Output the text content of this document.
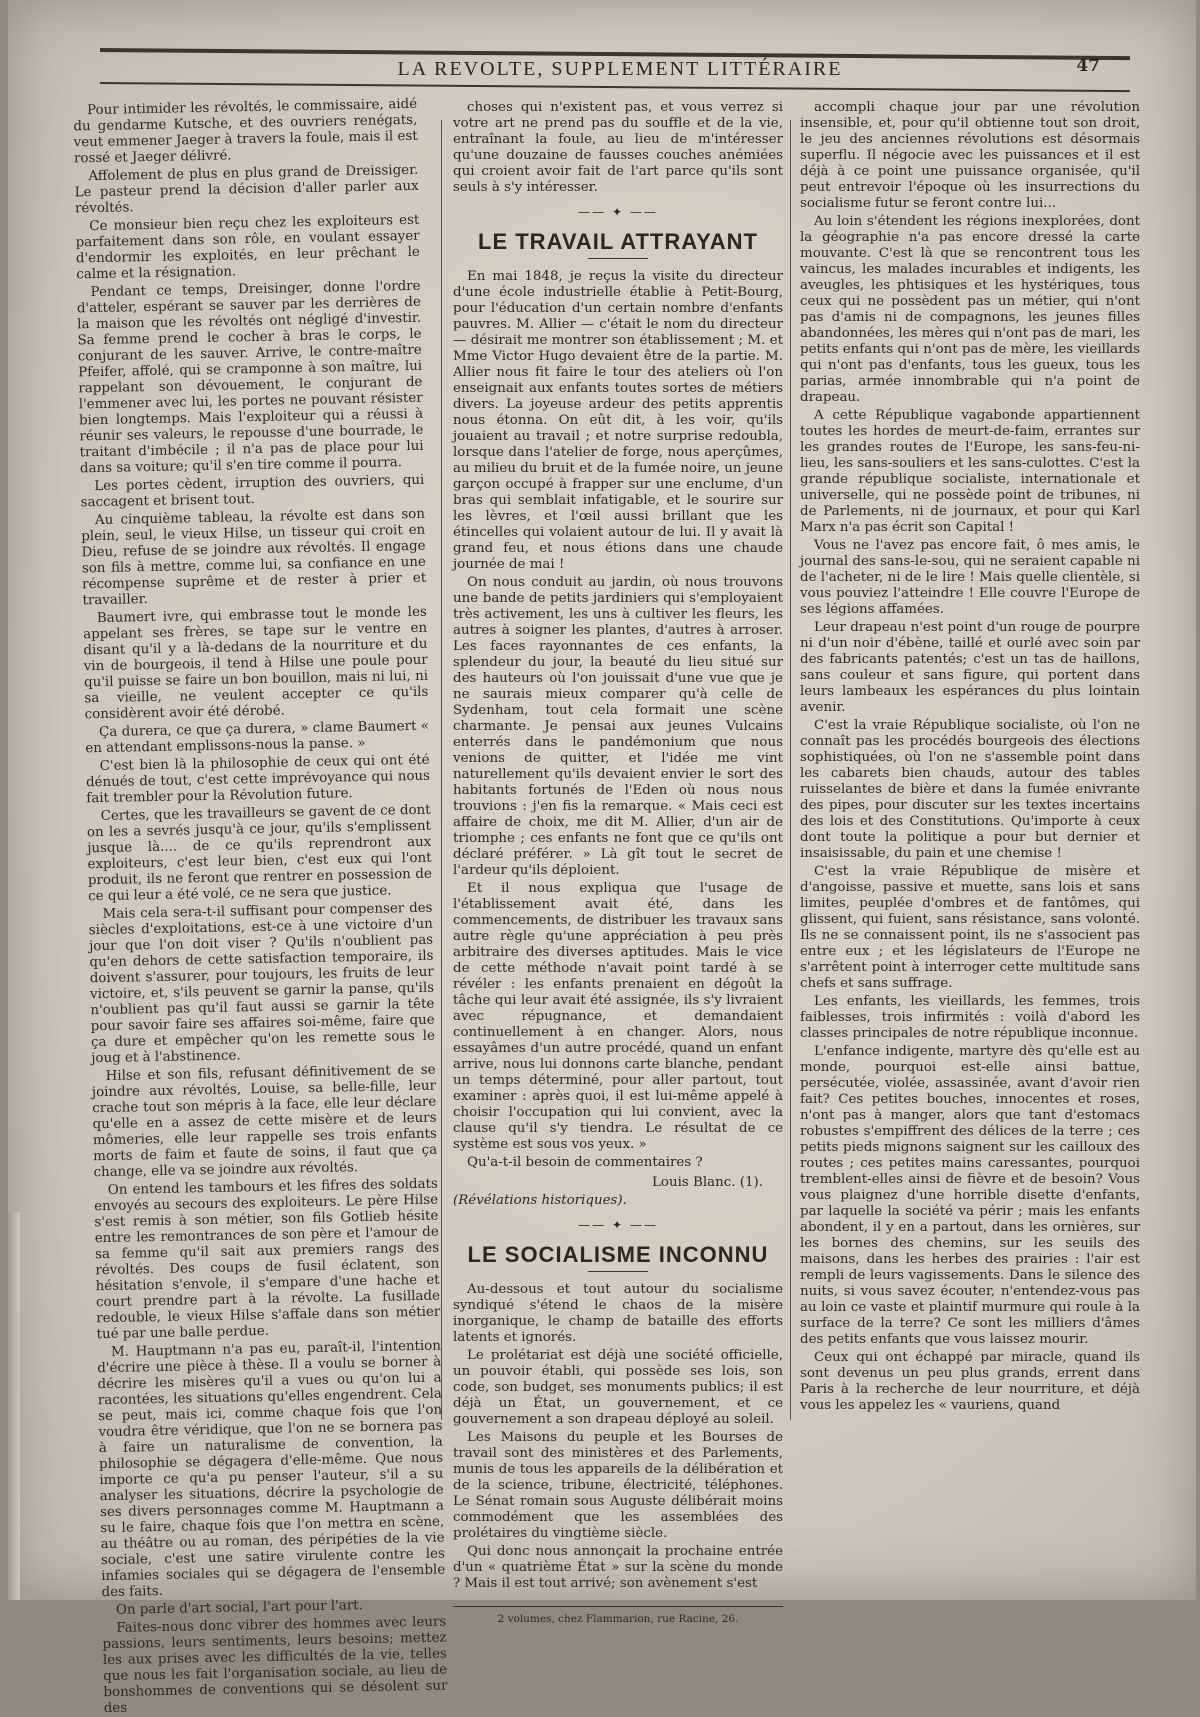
LA REVOLTE, SUPPLEMENT LITTÉRAIRE	47

Pour intimider les révoltés, le commissaire, aidé du gendarme Kutsche, et des ouvriers renégats, veut emmener Jaeger à travers la foule, mais il est rossé et Jaeger délivré.

Affolement de plus en plus grand de Dreissiger. Le pasteur prend la décision d'aller parler aux révoltés.

Ce monsieur bien reçu chez les exploiteurs est parfaitement dans son rôle, en voulant essayer d'endormir les exploités, en leur prêchant le calme et la résignation.

Pendant ce temps, Dreisinger, donne l'ordre d'atteler, espérant se sauver par les derrières de la maison que les révoltés ont négligé d'investir. Sa femme prend le cocher à bras le corps, le conjurant de les sauver. Arrive, le contre-maître Pfeifer, affolé, qui se cramponne à son maître, lui rappelant son dévouement, le conjurant de l'emmener avec lui, les portes ne pouvant résister bien longtemps. Mais l'exploiteur qui a réussi à réunir ses valeurs, le repousse d'une bourrade, le traitant d'imbécile ; il n'a pas de place pour lui dans sa voiture; qu'il s'en tire comme il pourra.

Les portes cèdent, irruption des ouvriers, qui saccagent et brisent tout.

Au cinquième tableau, la révolte est dans son plein, seul, le vieux Hilse, un tisseur qui croit en Dieu, refuse de se joindre aux révoltés. Il engage son fils à mettre, comme lui, sa confiance en une récompense suprême et de rester à prier et travailler.

Baumert ivre, qui embrasse tout le monde les appelant ses frères, se tape sur le ventre en disant qu'il y a là-dedans de la nourriture et du vin de bourgeois, il tend à Hilse une poule pour qu'il puisse se faire un bon bouillon, mais ni lui, ni sa vieille, ne veulent accepter ce qu'ils considèrent avoir été dérobé.

Ça durera, ce que ça durera, » clame Baumert « en attendant emplissons-nous la panse. »

C'est bien là la philosophie de ceux qui ont été dénués de tout, c'est cette imprévoyance qui nous fait trembler pour la Révolution future.

Certes, que les travailleurs se gavent de ce dont on les a sevrés jusqu'à ce jour, qu'ils s'emplissent jusque là.... de ce qu'ils reprendront aux exploiteurs, c'est leur bien, c'est eux qui l'ont produit, ils ne feront que rentrer en possession de ce qui leur a été volé, ce ne sera que justice.

Mais cela sera-t-il suffisant pour compenser des siècles d'exploitations, est-ce à une victoire d'un jour que l'on doit viser ? Qu'ils n'oublient pas qu'en dehors de cette satisfaction temporaire, ils doivent s'assurer, pour toujours, les fruits de leur victoire, et, s'ils peuvent se garnir la panse, qu'ils n'oublient pas qu'il faut aussi se garnir la tête pour savoir faire ses affaires soi-même, faire que ça dure et empêcher qu'on les remette sous le joug et à l'abstinence.

Hilse et son fils, refusant définitivement de se joindre aux révoltés, Louise, sa belle-fille, leur crache tout son mépris à la face, elle leur déclare qu'elle en a assez de cette misère et de leurs mômeries, elle leur rappelle ses trois enfants morts de faim et faute de soins, il faut que ça change, elle va se joindre aux révoltés.

On entend les tambours et les fifres des soldats envoyés au secours des exploiteurs. Le père Hilse s'est remis à son métier, son fils Gotlieb hésite entre les remontrances de son père et l'amour de sa femme qu'il sait aux premiers rangs des révoltés. Des coups de fusil éclatent, son hésitation s'envole, il s'empare d'une hache et court prendre part à la révolte. La fusillade redouble, le vieux Hilse s'affale dans son métier tué par une balle perdue.

M. Hauptmann n'a pas eu, paraît-il, l'intention d'écrire une pièce à thèse. Il a voulu se borner à décrire les misères qu'il a vues ou qu'on lui a racontées, les situations qu'elles engendrent. Cela se peut, mais ici, comme chaque fois que l'on voudra être véridique, que l'on ne se bornera pas à faire un naturalisme de convention, la philosophie se dégagera d'elle-même. Que nous importe ce qu'a pu penser l'auteur, s'il a su analyser les situations, décrire la psychologie de ses divers personnages comme M. Hauptmann a su le faire, chaque fois que l'on mettra en scène, au théâtre ou au roman, des péripéties de la vie sociale, c'est une satire virulente contre les infamies sociales qui se dégagera de l'ensemble des faits.

On parle d'art social, l'art pour l'art.

Faites-nous donc vibrer des hommes avec leurs passions, leurs sentiments, leurs besoins; mettez les aux prises avec les difficultés de la vie, telles que nous les fait l'organisation sociale, au lieu de bonshommes de conventions qui se désolent sur des

choses qui n'existent pas, et vous verrez si votre art ne prend pas du souffle et de la vie, entraînant la foule, au lieu de m'intéresser qu'une douzaine de fausses couches anémiées qui croient avoir fait de l'art parce qu'ils sont seuls à s'y intéresser.

—— ✦ ——
LE TRAVAIL ATTRAYANT

En mai 1848, je reçus la visite du directeur d'une école industrielle établie à Petit-Bourg, pour l'éducation d'un certain nombre d'enfants pauvres. M. Allier — c'était le nom du directeur — désirait me montrer son établissement ; M. et Mme Victor Hugo devaient être de la partie. M. Allier nous fit faire le tour des ateliers où l'on enseignait aux enfants toutes sortes de métiers divers. La joyeuse ardeur des petits apprentis nous étonna. On eût dit, à les voir, qu'ils jouaient au travail ; et notre surprise redoubla, lorsque dans l'atelier de forge, nous aperçûmes, au milieu du bruit et de la fumée noire, un jeune garçon occupé à frapper sur une enclume, d'un bras qui semblait infatigable, et le sourire sur les lèvres, et l'œil aussi brillant que les étincelles qui volaient autour de lui. Il y avait là grand feu, et nous étions dans une chaude journée de mai !

On nous conduit au jardin, où nous trouvons une bande de petits jardiniers qui s'employaient très activement, les uns à cultiver les fleurs, les autres à soigner les plantes, d'autres à arroser. Les faces rayonnantes de ces enfants, la splendeur du jour, la beauté du lieu situé sur des hauteurs où l'on jouissait d'une vue que je ne saurais mieux comparer qu'à celle de Sydenham, tout cela formait une scène charmante. Je pensai aux jeunes Vulcains enterrés dans le pandémonium que nous venions de quitter, et l'idée me vint naturellement qu'ils devaient envier le sort des habitants fortunés de l'Eden où nous nous trouvions : j'en fis la remarque. « Mais ceci est affaire de choix, me dit M. Allier, d'un air de triomphe ; ces enfants ne font que ce qu'ils ont déclaré préférer. » Là gît tout le secret de l'ardeur qu'ils déploient.

Et il nous expliqua que l'usage de l'établissement avait été, dans les commencements, de distribuer les travaux sans autre règle qu'une appréciation à peu près arbitraire des diverses aptitudes. Mais le vice de cette méthode n'avait point tardé à se révéler : les enfants prenaient en dégoût la tâche qui leur avait été assignée, ils s'y livraient avec répugnance, et demandaient continuellement à en changer. Alors, nous essayâmes d'un autre procédé, quand un enfant arrive, nous lui donnons carte blanche, pendant un temps déterminé, pour aller partout, tout examiner : après quoi, il est lui-même appelé à choisir l'occupation qui lui convient, avec la clause qu'il s'y tiendra. Le résultat de ce système est sous vos yeux. »

Qu'a-t-il besoin de commentaires ?

Louis Blanc. (1).

(Révélations historiques).

—— ✦ ——
LE SOCIALISME INCONNU

Au-dessous et tout autour du socialisme syndiqué s'étend le chaos de la misère inorganique, le champ de bataille des efforts latents et ignorés.

Le prolétariat est déjà une société officielle, un pouvoir établi, qui possède ses lois, son code, son budget, ses monuments publics; il est déjà un État, un gouvernement, et ce gouvernement a son drapeau déployé au soleil.

Les Maisons du peuple et les Bourses de travail sont des ministères et des Parlements, munis de tous les appareils de la délibération et de la science, tribune, électricité, téléphones. Le Sénat romain sous Auguste délibérait moins commodément que les assemblées des prolétaires du vingtième siècle.

Qui donc nous annonçait la prochaine entrée d'un « quatrième État » sur la scène du monde ? Mais il est tout arrivé; son avènement s'est

2 volumes, chez Flammarion, rue Racine, 26.

accompli chaque jour par une révolution insensible, et, pour qu'il obtienne tout son droit, le jeu des anciennes révolutions est désormais superflu. Il négocie avec les puissances et il est déjà à ce point une puissance organisée, qu'il peut entrevoir l'époque où les insurrections du socialisme futur se feront contre lui...

Au loin s'étendent les régions inexplorées, dont la géographie n'a pas encore dressé la carte mouvante. C'est là que se rencontrent tous les vaincus, les malades incurables et indigents, les aveugles, les phtisiques et les hystériques, tous ceux qui ne possèdent pas un métier, qui n'ont pas d'amis ni de compagnons, les jeunes filles abandonnées, les mères qui n'ont pas de mari, les petits enfants qui n'ont pas de mère, les vieillards qui n'ont pas d'enfants, tous les gueux, tous les parias, armée innombrable qui n'a point de drapeau.

A cette République vagabonde appartiennent toutes les hordes de meurt-de-faim, errantes sur les grandes routes de l'Europe, les sans-feu-ni-lieu, les sans-souliers et les sans-culottes. C'est la grande république socialiste, internationale et universelle, qui ne possède point de tribunes, ni de Parlements, ni de journaux, et pour qui Karl Marx n'a pas écrit son Capital !

Vous ne l'avez pas encore fait, ô mes amis, le journal des sans-le-sou, qui ne seraient capable ni de l'acheter, ni de le lire ! Mais quelle clientèle, si vous pouviez l'atteindre ! Elle couvre l'Europe de ses légions affamées.

Leur drapeau n'est point d'un rouge de pourpre ni d'un noir d'ébène, taillé et ourlé avec soin par des fabricants patentés; c'est un tas de haillons, sans couleur et sans figure, qui portent dans leurs lambeaux les espérances du plus lointain avenir.

C'est la vraie République socialiste, où l'on ne connaît pas les procédés bourgeois des élections sophistiquées, où l'on ne s'assemble point dans les cabarets bien chauds, autour des tables ruisselantes de bière et dans la fumée enivrante des pipes, pour discuter sur les textes incertains des lois et des Constitutions. Qu'importe à ceux dont toute la politique a pour but dernier et insaisissable, du pain et une chemise !

C'est la vraie République de misère et d'angoisse, passive et muette, sans lois et sans limites, peuplée d'ombres et de fantômes, qui glissent, qui fuient, sans résistance, sans volonté. Ils ne se connaissent point, ils ne s'associent pas entre eux ; et les législateurs de l'Europe ne s'arrêtent point à interroger cette multitude sans chefs et sans suffrage.

Les enfants, les vieillards, les femmes, trois faiblesses, trois infirmités : voilà d'abord les classes principales de notre république inconnue.

L'enfance indigente, martyre dès qu'elle est au monde, pourquoi est-elle ainsi battue, persécutée, violée, assassinée, avant d'avoir rien fait? Ces petites bouches, innocentes et roses, n'ont pas à manger, alors que tant d'estomacs robustes s'empiffrent des délices de la terre ; ces petits pieds mignons saignent sur les cailloux des routes ; ces petites mains caressantes, pourquoi tremblent-elles ainsi de fièvre et de besoin? Vous vous plaignez d'une horrible disette d'enfants, par laquelle la société va périr ; mais les enfants abondent, il y en a partout, dans les ornières, sur les bornes des chemins, sur les seuils des maisons, dans les herbes des prairies : l'air est rempli de leurs vagissements. Dans le silence des nuits, si vous savez écouter, n'entendez-vous pas au loin ce vaste et plaintif murmure qui roule à la surface de la terre? Ce sont les milliers d'âmes des petits enfants que vous laissez mourir.

Ceux qui ont échappé par miracle, quand ils sont devenus un peu plus grands, errent dans Paris à la recherche de leur nourriture, et déjà vous les appelez les « vauriens, quand
